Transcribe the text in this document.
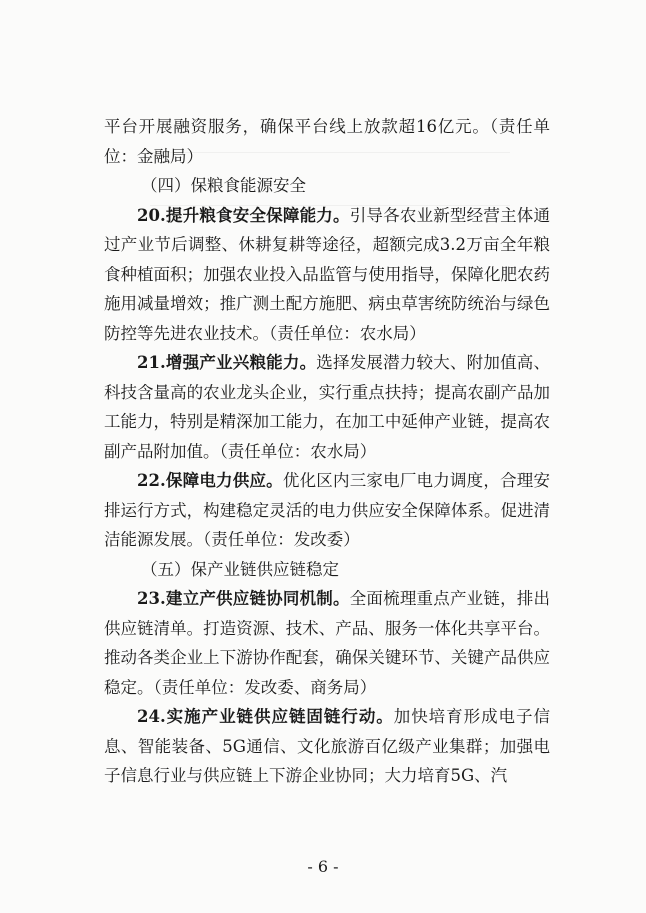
平台开展融资服务，确保平台线上放款超16亿元。（责任单位：金融局）

（四）保粮食能源安全

20.提升粮食安全保障能力。引导各农业新型经营主体通过产业节后调整、休耕复耕等途径，超额完成3.2万亩全年粮食种植面积；加强农业投入品监管与使用指导，保障化肥农药施用减量增效；推广测土配方施肥、病虫草害统防统治与绿色防控等先进农业技术。（责任单位：农水局）

21.增强产业兴粮能力。选择发展潜力较大、附加值高、科技含量高的农业龙头企业，实行重点扶持；提高农副产品加工能力，特别是精深加工能力，在加工中延伸产业链，提高农副产品附加值。（责任单位：农水局）

22.保障电力供应。优化区内三家电厂电力调度，合理安排运行方式，构建稳定灵活的电力供应安全保障体系。促进清洁能源发展。（责任单位：发改委）

（五）保产业链供应链稳定

23.建立产供应链协同机制。全面梳理重点产业链，排出供应链清单。打造资源、技术、产品、服务一体化共享平台。推动各类企业上下游协作配套，确保关键环节、关键产品供应稳定。（责任单位：发改委、商务局）

24.实施产业链供应链固链行动。加快培育形成电子信息、智能装备、5G通信、文化旅游百亿级产业集群；加强电子信息行业与供应链上下游企业协同；大力培育5G、汽

- 6 -
